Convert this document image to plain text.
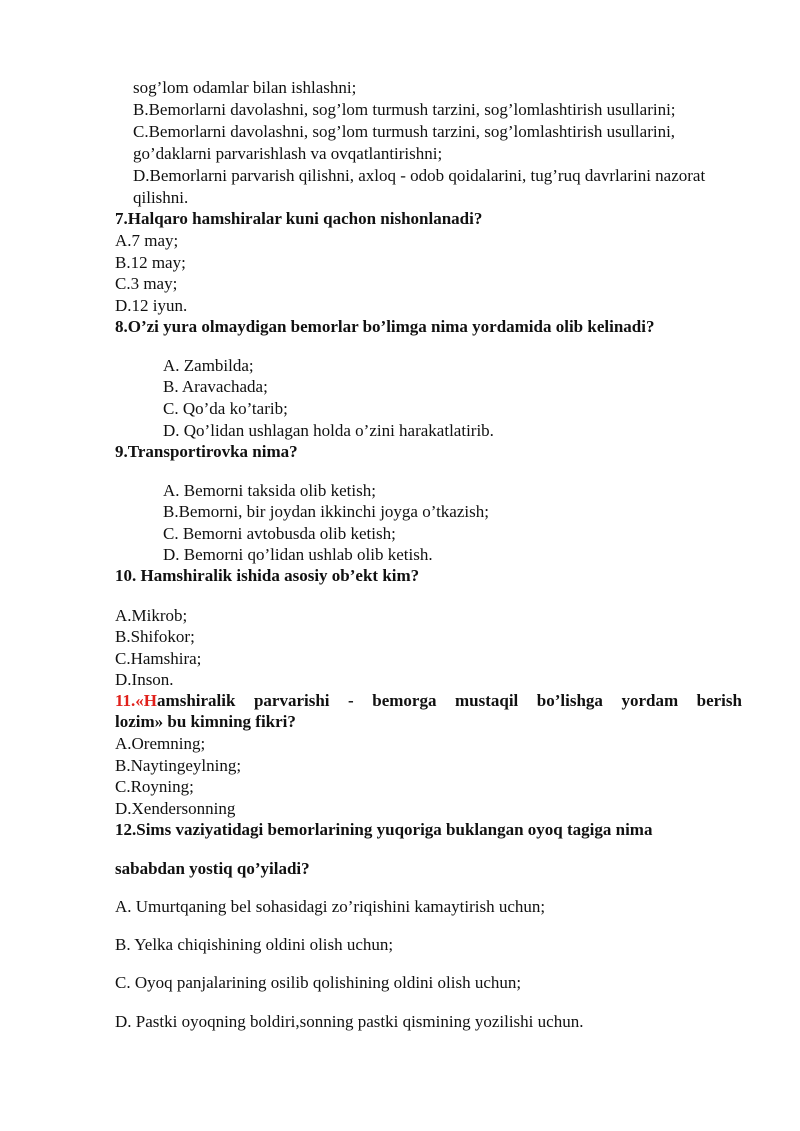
sog’lom odamlar bilan ishlashni;
B.Bemorlarni davolashni, sog’lom turmush tarzini, sog’lomlashtirish usullarini;
C.Bemorlarni davolashni, sog’lom turmush tarzini, sog’lomlashtirish usullarini,
go’daklarni parvarishlash va ovqatlantirishni;
D.Bemorlarni parvarish qilishni, axloq - odob qoidalarini, tug’ruq davrlarini nazorat
qilishni.
7.Halqaro hamshiralar kuni qachon nishonlanadi?
A.7 may;
B.12 may;
C.3 may;
D.12 iyun.
8.O’zi yura olmaydigan bemorlar bo’limga nima yordamida olib kelinadi?
A. Zambilda;
B. Aravachada;
C. Qo’da ko’tarib;
D. Qo’lidan ushlagan holda o’zini harakatlatirib.
9.Transportirovka nima?
A. Bemorni taksida olib ketish;
B.Bemorni, bir joydan ikkinchi joyga o’tkazish;
C. Bemorni avtobusda olib ketish;
D. Bemorni qo’lidan ushlab olib ketish.
10. Hamshiralik ishida asosiy ob’ekt kim?
A.Mikrob;
B.Shifokor;
C.Hamshira;
D.Inson.
11.«Hamshiralik parvarishi - bemorga mustaqil bo’lishga yordam berish
lozim» bu kimning fikri?
A.Oremning;
B.Naytingeylning;
C.Royning;
D.Xendersonning
12.Sims vaziyatidagi bemorlarining yuqoriga buklangan oyoq tagiga nima
sababdan yostiq qo’yiladi?
A. Umurtqaning bel sohasidagi zo’riqishini kamaytirish uchun;
B. Yelka chiqishining oldini olish uchun;
C. Oyoq panjalarining osilib qolishining oldini olish uchun;
D. Pastki oyoqning boldiri,sonning pastki qismining yozilishi uchun.
